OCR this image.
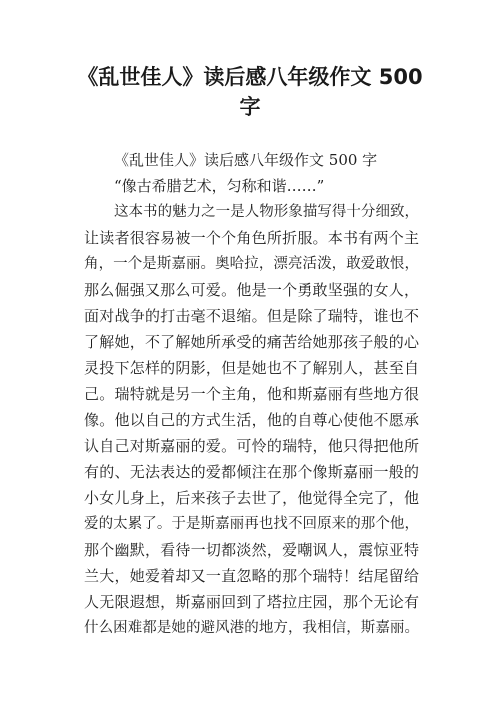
《乱世佳人》读后感八年级作文 500
字
《乱世佳人》读后感八年级作文 500 字
“像古希腊艺术，匀称和谐……”
这本书的魅力之一是人物形象描写得十分细致，
让读者很容易被一个个角色所折服。本书有两个主
角，一个是斯嘉丽。奥哈拉，漂亮活泼，敢爱敢恨，
那么倔强又那么可爱。他是一个勇敢坚强的女人，
面对战争的打击毫不退缩。但是除了瑞特，谁也不
了解她，不了解她所承受的痛苦给她那孩子般的心
灵投下怎样的阴影，但是她也不了解别人，甚至自
己。瑞特就是另一个主角，他和斯嘉丽有些地方很
像。他以自己的方式生活，他的自尊心使他不愿承
认自己对斯嘉丽的爱。可怜的瑞特，他只得把他所
有的、无法表达的爱都倾注在那个像斯嘉丽一般的
小女儿身上，后来孩子去世了，他觉得全完了，他
爱的太累了。于是斯嘉丽再也找不回原来的那个他，
那个幽默，看待一切都淡然，爱嘲讽人，震惊亚特
兰大，她爱着却又一直忽略的那个瑞特！结尾留给
人无限遐想，斯嘉丽回到了塔拉庄园，那个无论有
什么困难都是她的避风港的地方，我相信，斯嘉丽。
